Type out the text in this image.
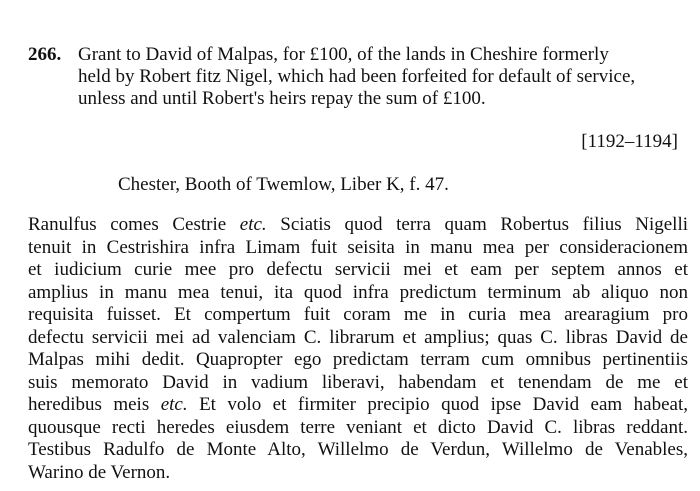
266. Grant to David of Malpas, for £100, of the lands in Cheshire formerly
held by Robert fitz Nigel, which had been forfeited for default of service,
unless and until Robert's heirs repay the sum of £100.
[1192–1194]
Chester, Booth of Twemlow, Liber K, f. 47.
Ranulfus comes Cestrie etc. Sciatis quod terra quam Robertus filius Nigelli
tenuit in Cestrishira infra Limam fuit seisita in manu mea per consideracionem
et iudicium curie mee pro defectu servicii mei et eam per septem annos et
amplius in manu mea tenui, ita quod infra predictum terminum ab aliquo non
requisita fuisset. Et compertum fuit coram me in curia mea arearagium pro
defectu servicii mei ad valenciam C. librarum et amplius; quas C. libras David de
Malpas mihi dedit. Quapropter ego predictam terram cum omnibus pertinentiis
suis memorato David in vadium liberavi, habendam et tenendam de me et
heredibus meis etc. Et volo et firmiter precipio quod ipse David eam habeat,
quousque recti heredes eiusdem terre veniant et dicto David C. libras reddant.
Testibus Radulfo de Monte Alto, Willelmo de Verdun, Willelmo de Venables,
Warino de Vernon.
